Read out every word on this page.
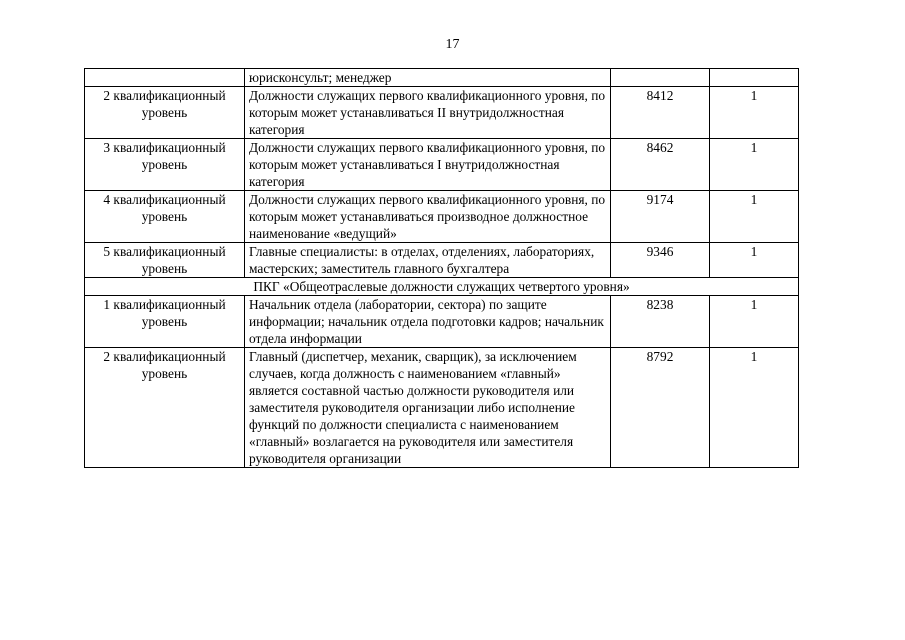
17
	юрисконсульт; менеджер		
2 квалификационный уровень	Должности служащих первого квалификационного уровня, по которым может устанавливаться II внутридолжностная категория	8412	1
3 квалификационный уровень	Должности служащих первого квалификационного уровня, по которым может устанавливаться I внутридолжностная категория	8462	1
4 квалификационный уровень	Должности служащих первого квалификационного уровня, по которым может устанавливаться производное должностное наименование «ведущий»	9174	1
5 квалификационный уровень	Главные специалисты: в отделах, отделениях, лабораториях, мастерских; заместитель главного бухгалтера	9346	1
ПКГ «Общеотраслевые должности служащих четвертого уровня»			
1 квалификационный уровень	Начальник отдела (лаборатории, сектора) по защите информации; начальник отдела подготовки кадров; начальник отдела информации	8238	1
2 квалификационный уровень	Главный (диспетчер, механик, сварщик), за исключением случаев, когда должность с наименованием «главный» является составной частью должности руководителя или заместителя руководителя организации либо исполнение функций по должности специалиста с наименованием «главный» возлагается на руководителя или заместителя руководителя организации	8792	1
